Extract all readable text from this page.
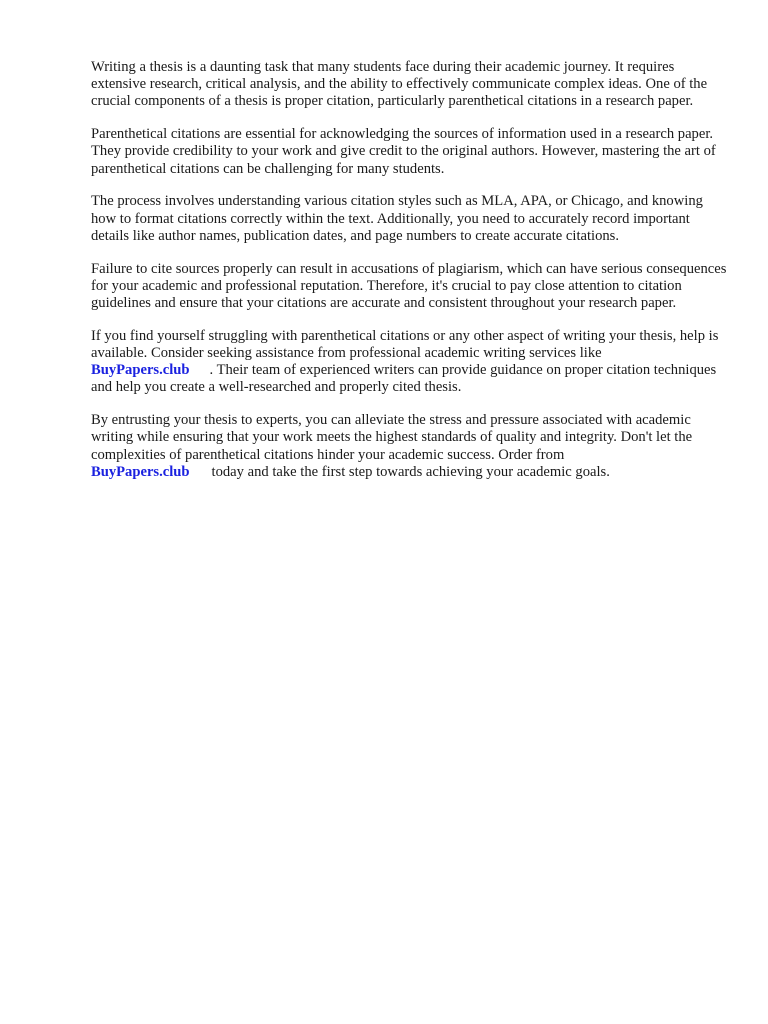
Writing a thesis is a daunting task that many students face during their academic journey. It requires extensive research, critical analysis, and the ability to effectively communicate complex ideas. One of the crucial components of a thesis is proper citation, particularly parenthetical citations in a research paper.

Parenthetical citations are essential for acknowledging the sources of information used in a research paper. They provide credibility to your work and give credit to the original authors. However, mastering the art of parenthetical citations can be challenging for many students.

The process involves understanding various citation styles such as MLA, APA, or Chicago, and knowing how to format citations correctly within the text. Additionally, you need to accurately record important details like author names, publication dates, and page numbers to create accurate citations.

Failure to cite sources properly can result in accusations of plagiarism, which can have serious consequences for your academic and professional reputation. Therefore, it's crucial to pay close attention to citation guidelines and ensure that your citations are accurate and consistent throughout your research paper.

If you find yourself struggling with parenthetical citations or any other aspect of writing your thesis, help is available. Consider seeking assistance from professional academic writing services like
BuyPapers.club . Their team of experienced writers can provide guidance on proper citation techniques and help you create a well-researched and properly cited thesis.

By entrusting your thesis to experts, you can alleviate the stress and pressure associated with academic writing while ensuring that your work meets the highest standards of quality and integrity. Don't let the complexities of parenthetical citations hinder your academic success. Order from
BuyPapers.club today and take the first step towards achieving your academic goals.
